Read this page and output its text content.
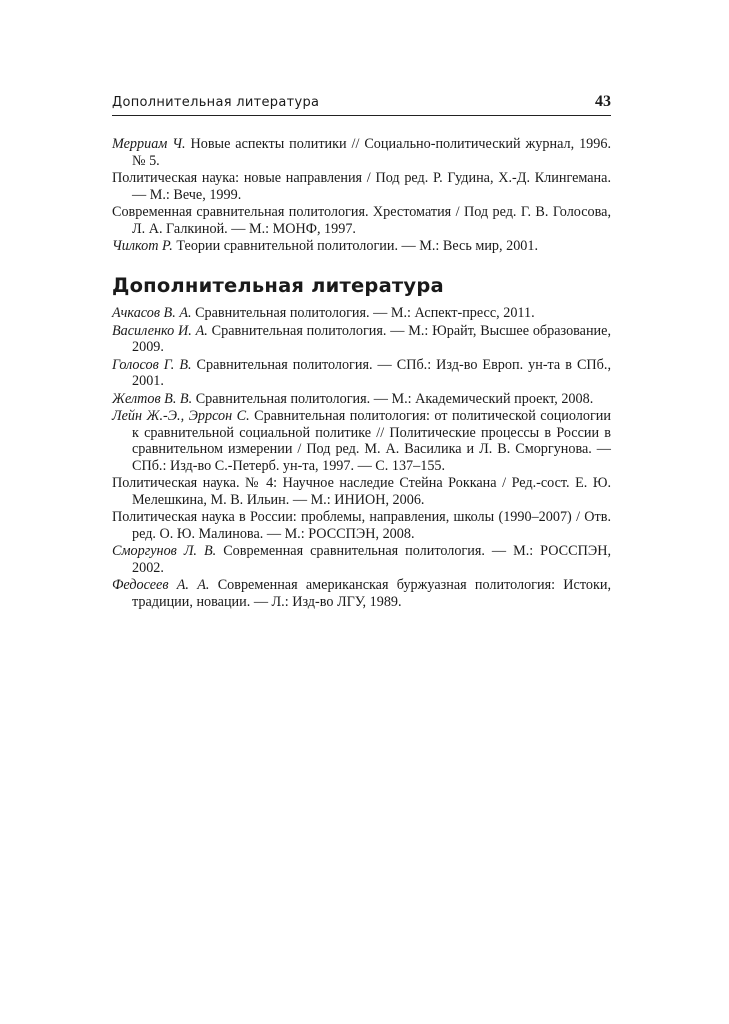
Дополнительная литература	43
Мерриам Ч. Новые аспекты политики // Социально-политический журнал, 1996. № 5.
Политическая наука: новые направления / Под ред. Р. Гудина, Х.-Д. Клингемана. — М.: Вече, 1999.
Современная сравнительная политология. Хрестоматия / Под ред. Г. В. Голосова, Л. А. Галкиной. — М.: МОНФ, 1997.
Чилкот Р. Теории сравнительной политологии. — М.: Весь мир, 2001.
Дополнительная литература
Ачкасов В. А. Сравнительная политология. — М.: Аспект-пресс, 2011.
Василенко И. А. Сравнительная политология. — М.: Юрайт, Высшее образование, 2009.
Голосов Г. В. Сравнительная политология. — СПб.: Изд-во Европ. ун-та в СПб., 2001.
Желтов В. В. Сравнительная политология. — М.: Академический проект, 2008.
Лейн Ж.-Э., Эррсон С. Сравнительная политология: от политической социологии к сравнительной социальной политике // Политические процессы в России в сравнительном измерении / Под ред. М. А. Василика и Л. В. Сморгунова. — СПб.: Изд-во С.-Петерб. ун-та, 1997. — С. 137–155.
Политическая наука. № 4: Научное наследие Стейна Роккана / Ред.-сост. Е. Ю. Мелешкина, М. В. Ильин. — М.: ИНИОН, 2006.
Политическая наука в России: проблемы, направления, школы (1990–2007) / Отв. ред. О. Ю. Малинова. — М.: РОССПЭН, 2008.
Сморгунов Л. В. Современная сравнительная политология. — М.: РОССПЭН, 2002.
Федосеев А. А. Современная американская буржуазная политология: Истоки, традиции, новации. — Л.: Изд-во ЛГУ, 1989.
